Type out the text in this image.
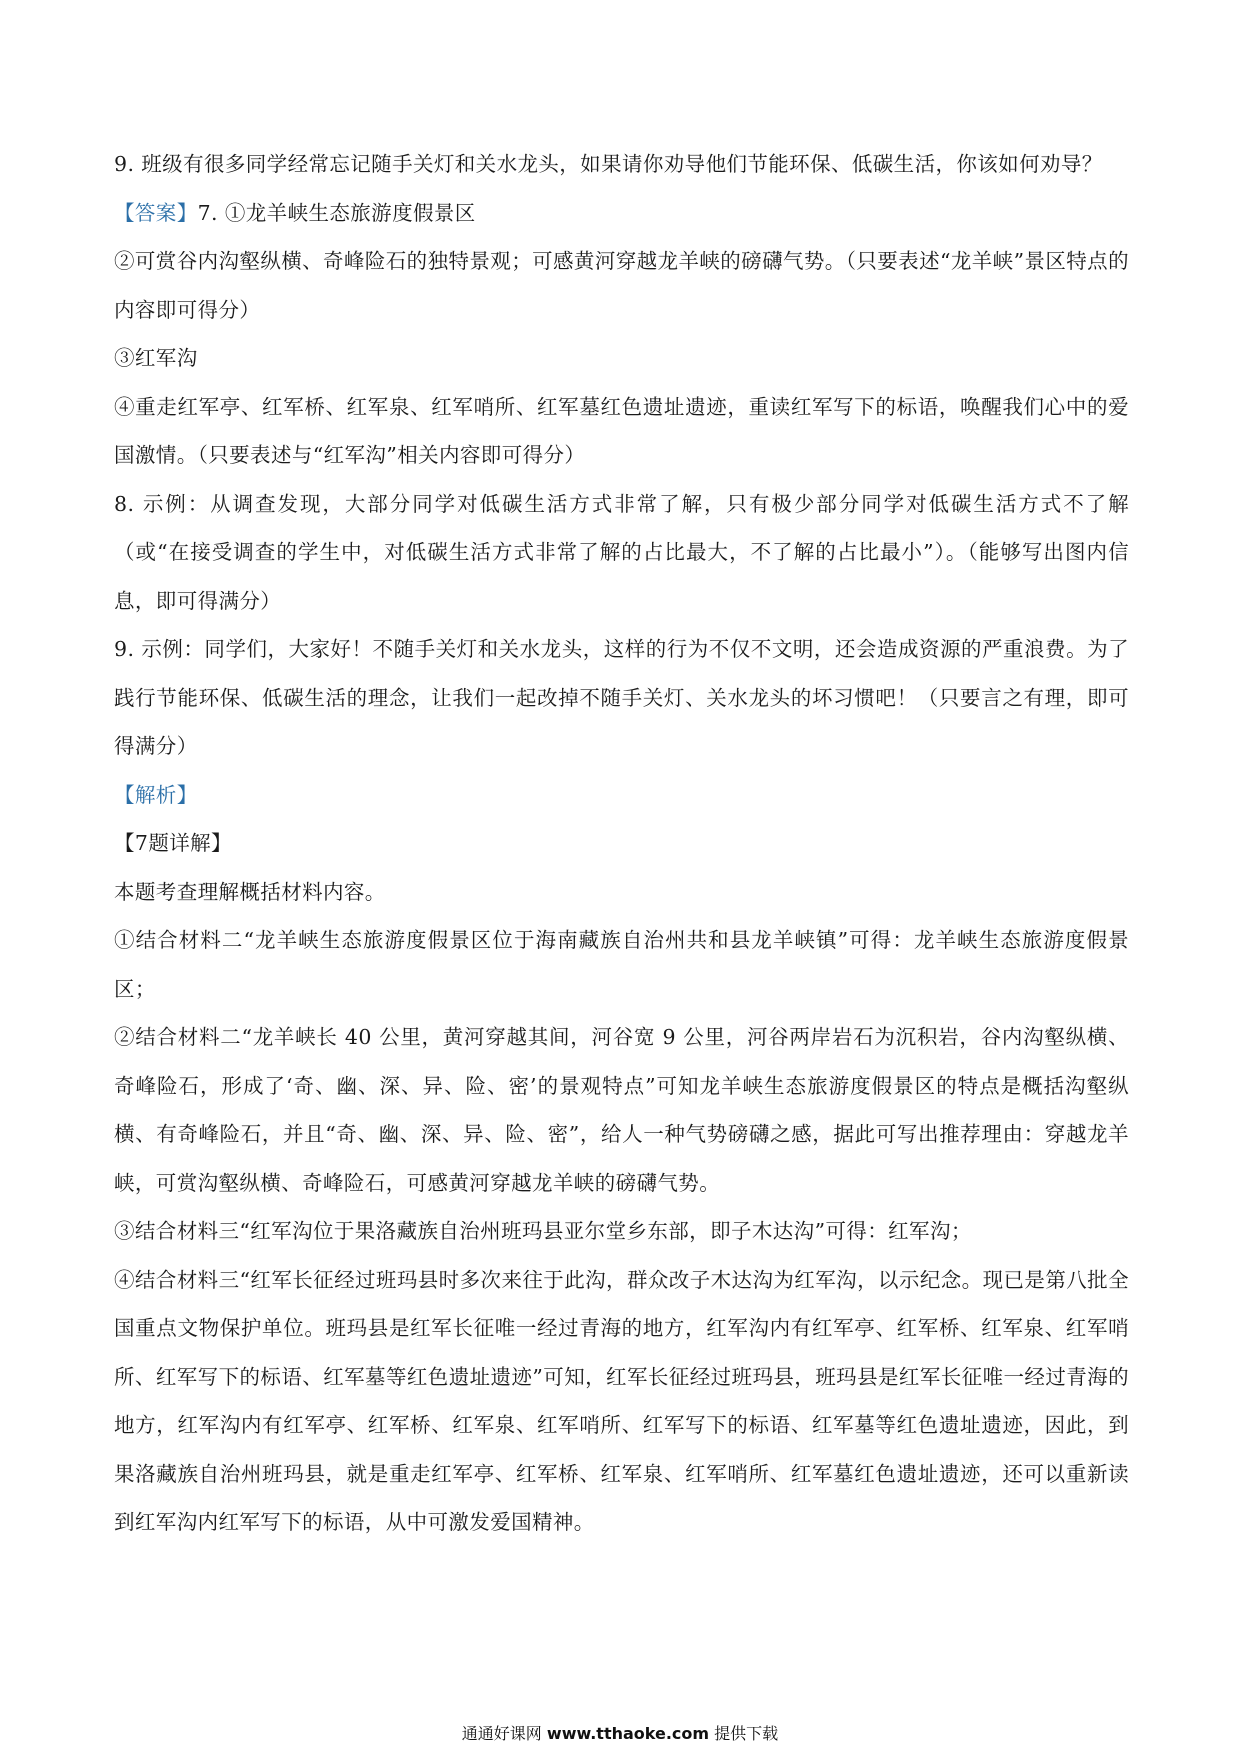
9. 班级有很多同学经常忘记随手关灯和关水龙头，如果请你劝导他们节能环保、低碳生活，你该如何劝导？

【答案】7. ①龙羊峡生态旅游度假景区

②可赏谷内沟壑纵横、奇峰险石的独特景观；可感黄河穿越龙羊峡的磅礴气势。（只要表述“龙羊峡”景区特点的内容即可得分）

③红军沟

④重走红军亭、红军桥、红军泉、红军哨所、红军墓红色遗址遗迹，重读红军写下的标语，唤醒我们心中的爱国激情。（只要表述与“红军沟”相关内容即可得分）

8. 示例：从调查发现，大部分同学对低碳生活方式非常了解，只有极少部分同学对低碳生活方式不了解（或“在接受调查的学生中，对低碳生活方式非常了解的占比最大，不了解的占比最小”）。（能够写出图内信息，即可得满分）

9. 示例：同学们，大家好！不随手关灯和关水龙头，这样的行为不仅不文明，还会造成资源的严重浪费。为了践行节能环保、低碳生活的理念，让我们一起改掉不随手关灯、关水龙头的坏习惯吧！（只要言之有理，即可得满分）

【解析】

【7题详解】

本题考查理解概括材料内容。

①结合材料二“龙羊峡生态旅游度假景区位于海南藏族自治州共和县龙羊峡镇”可得：龙羊峡生态旅游度假景区；

②结合材料二“龙羊峡长 40 公里，黄河穿越其间，河谷宽 9 公里，河谷两岸岩石为沉积岩，谷内沟壑纵横、奇峰险石，形成了‘奇、幽、深、异、险、密’的景观特点”可知龙羊峡生态旅游度假景区的特点是概括沟壑纵横、有奇峰险石，并且“奇、幽、深、异、险、密”，给人一种气势磅礴之感，据此可写出推荐理由：穿越龙羊峡，可赏沟壑纵横、奇峰险石，可感黄河穿越龙羊峡的磅礴气势。

③结合材料三“红军沟位于果洛藏族自治州班玛县亚尔堂乡东部，即子木达沟”可得：红军沟；

④结合材料三“红军长征经过班玛县时多次来往于此沟，群众改子木达沟为红军沟，以示纪念。现已是第八批全国重点文物保护单位。班玛县是红军长征唯一经过青海的地方，红军沟内有红军亭、红军桥、红军泉、红军哨所、红军写下的标语、红军墓等红色遗址遗迹”可知，红军长征经过班玛县，班玛县是红军长征唯一经过青海的地方，红军沟内有红军亭、红军桥、红军泉、红军哨所、红军写下的标语、红军墓等红色遗址遗迹，因此，到果洛藏族自治州班玛县，就是重走红军亭、红军桥、红军泉、红军哨所、红军墓红色遗址遗迹，还可以重新读到红军沟内红军写下的标语，从中可激发爱国精神。

通通好课网 www.tthaoke.com 提供下载
